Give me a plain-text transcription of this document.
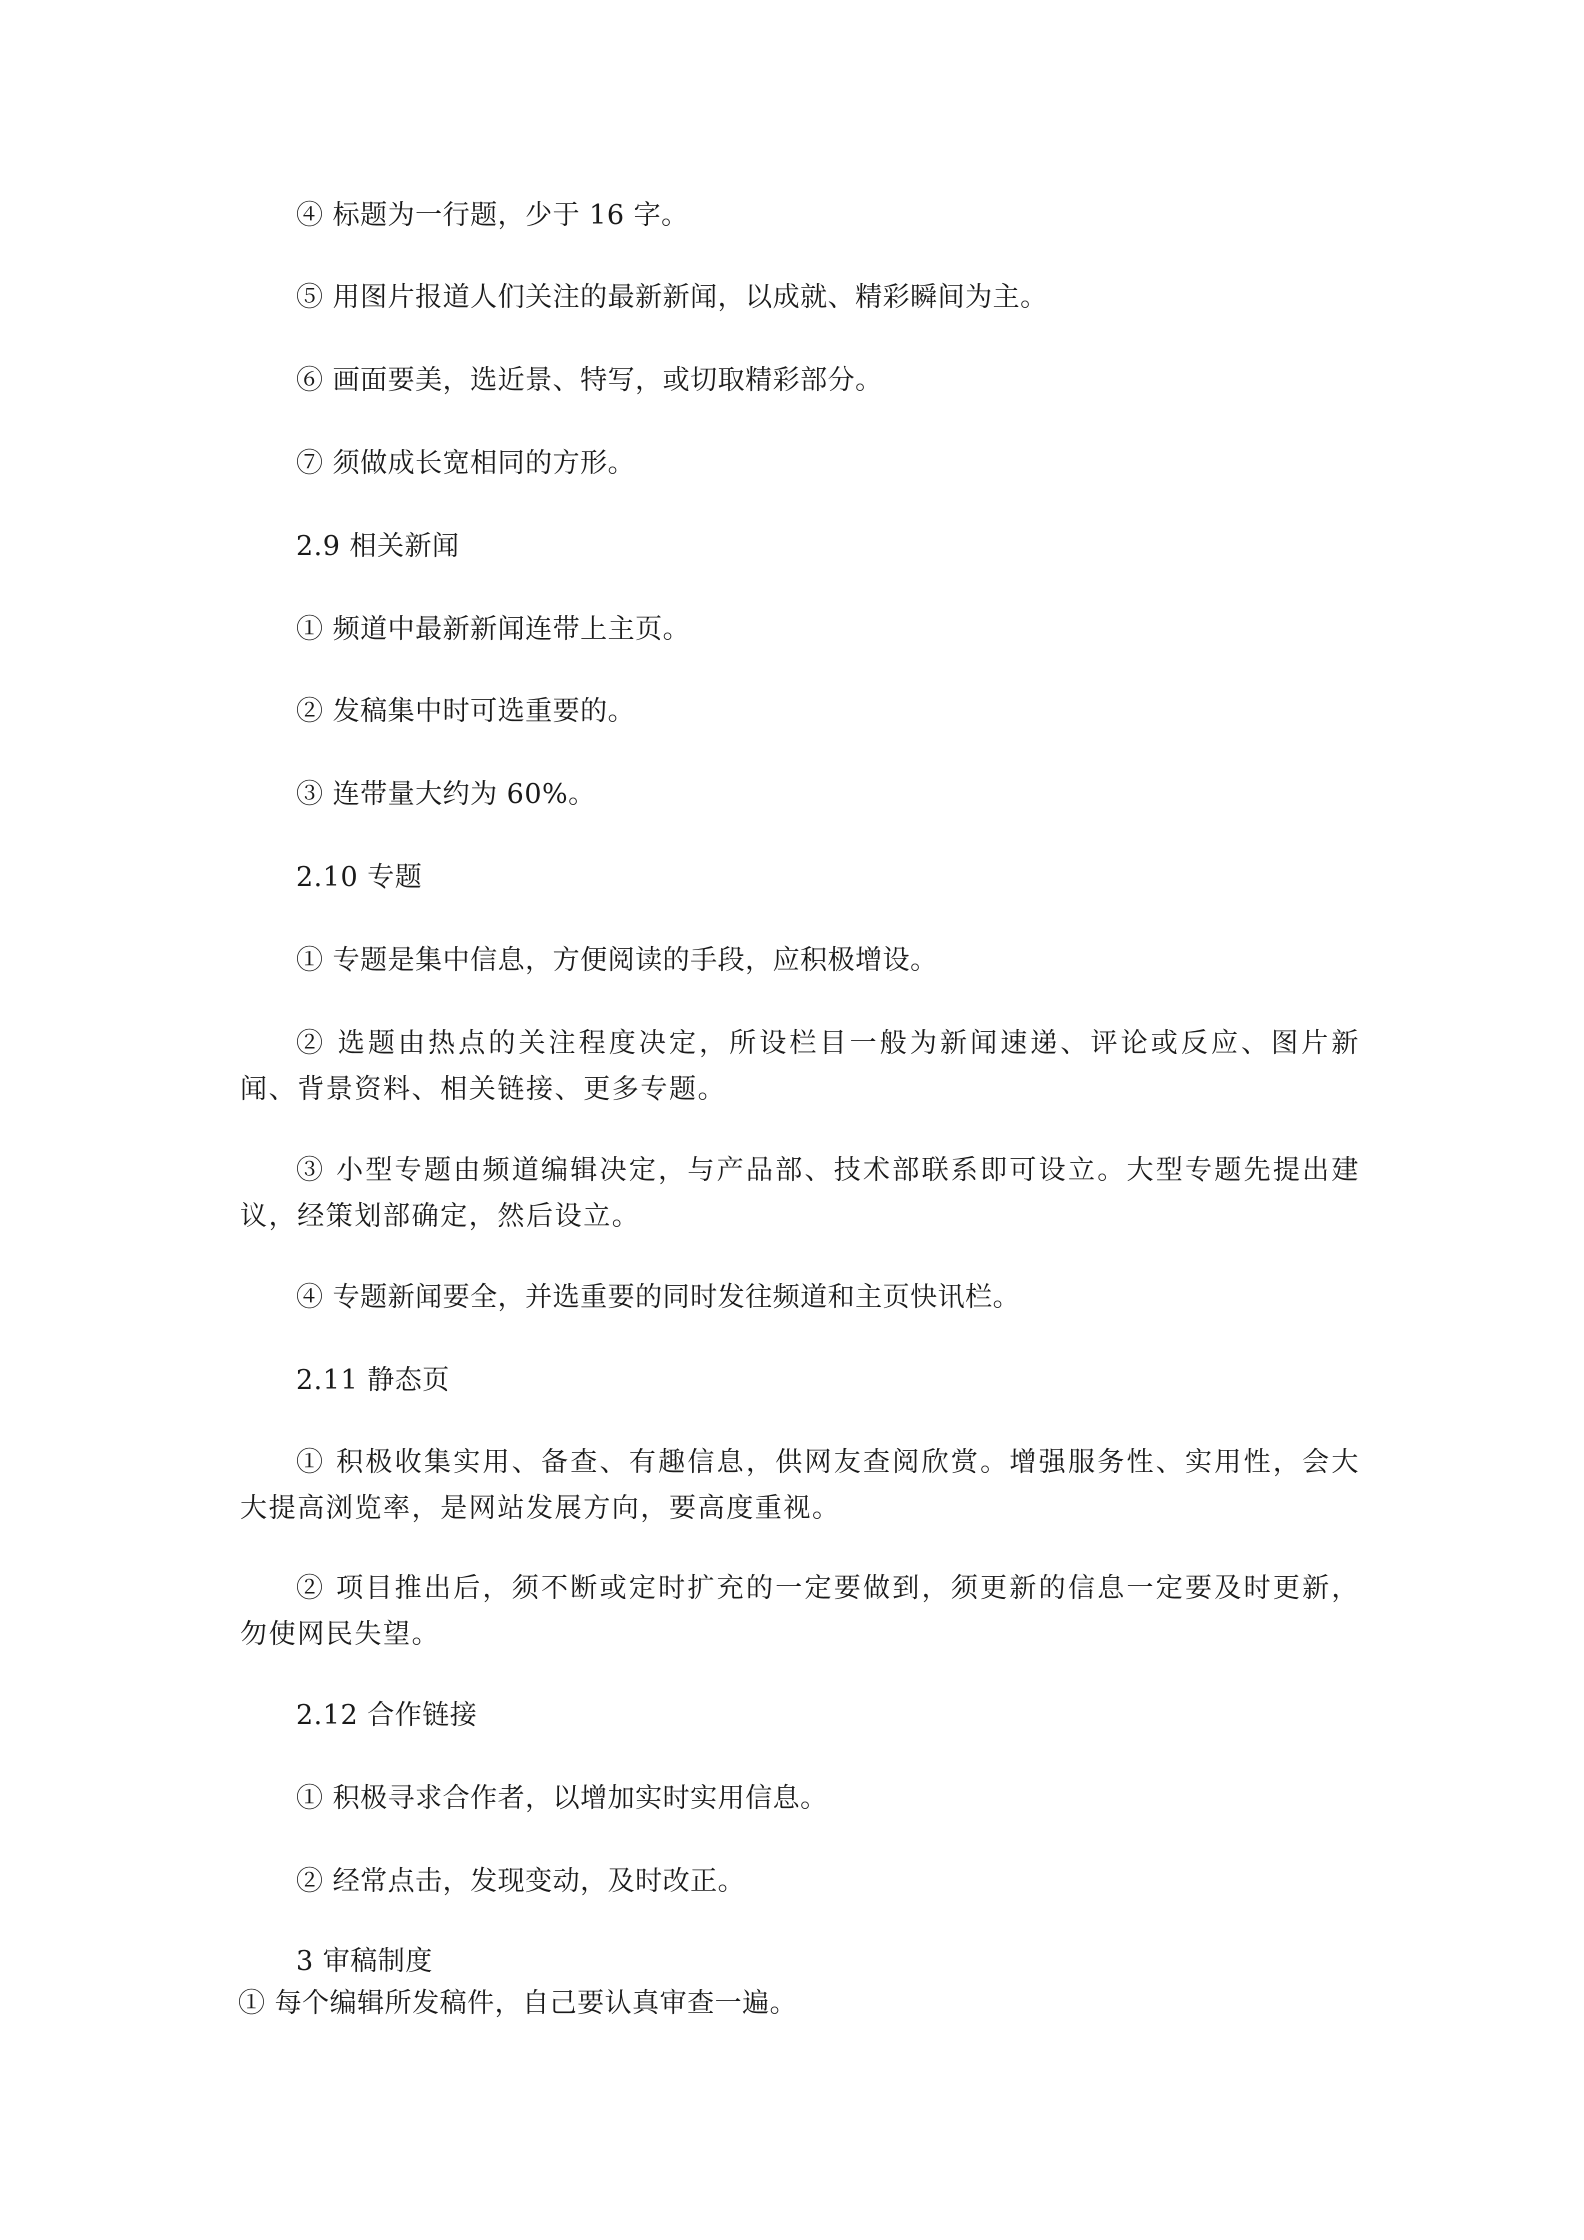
④ 标题为一行题，少于 16 字。
⑤ 用图片报道人们关注的最新新闻，以成就、精彩瞬间为主。
⑥ 画面要美，选近景、特写，或切取精彩部分。
⑦ 须做成长宽相同的方形。
2.9 相关新闻
① 频道中最新新闻连带上主页。
② 发稿集中时可选重要的。
③ 连带量大约为 60%。
2.10 专题
① 专题是集中信息，方便阅读的手段，应积极增设。
② 选题由热点的关注程度决定，所设栏目一般为新闻速递、评论或反应、图片新闻、背景资料、相关链接、更多专题。
③ 小型专题由频道编辑决定，与产品部、技术部联系即可设立。大型专题先提出建议，经策划部确定，然后设立。
④ 专题新闻要全，并选重要的同时发往频道和主页快讯栏。
2.11 静态页
① 积极收集实用、备查、有趣信息，供网友查阅欣赏。增强服务性、实用性，会大大提高浏览率，是网站发展方向，要高度重视。
② 项目推出后，须不断或定时扩充的一定要做到，须更新的信息一定要及时更新，勿使网民失望。
2.12 合作链接
① 积极寻求合作者，以增加实时实用信息。
② 经常点击，发现变动，及时改正。
3 审稿制度
① 每个编辑所发稿件，自己要认真审查一遍。
